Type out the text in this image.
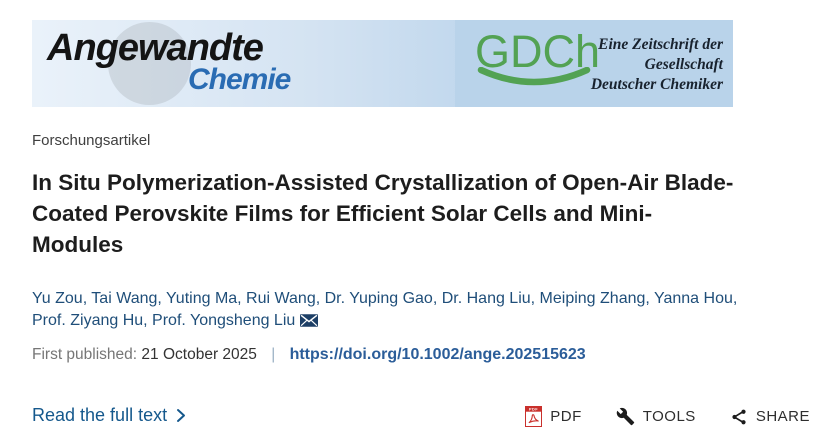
Angewandte
Chemie
GDCh
Eine Zeitschrift der
Gesellschaft
Deutscher Chemiker
Forschungsartikel
In Situ Polymerization-Assisted Crystallization of Open-Air Blade-Coated Perovskite Films for Efficient Solar Cells and Mini-Modules
Yu Zou, Tai Wang, Yuting Ma, Rui Wang, Dr. Yuping Gao, Dr. Hang Liu, Meiping Zhang, Yanna Hou, Prof. Ziyang Hu, Prof. Yongsheng Liu
First published: 21 October 2025 | https://doi.org/10.1002/ange.202515623
Read the full text	PDF PDF	TOOLS	SHARE
